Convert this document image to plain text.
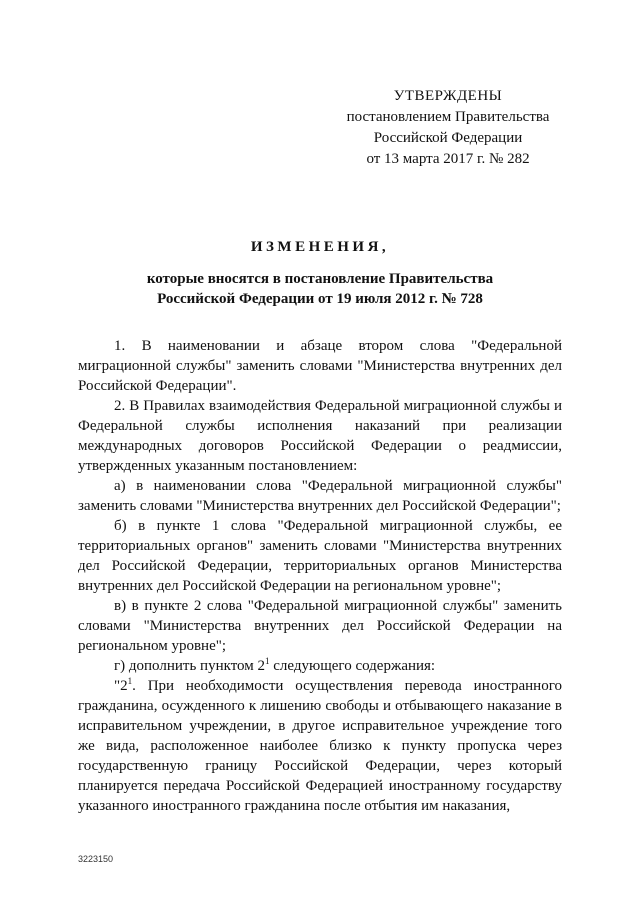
УТВЕРЖДЕНЫ
постановлением Правительства
Российской Федерации
от 13 марта 2017 г. № 282
ИЗМЕНЕНИЯ,
которые вносятся в постановление Правительства
Российской Федерации от 19 июля 2012 г. № 728

1. В наименовании и абзаце втором слова "Федеральной миграционной службы" заменить словами "Министерства внутренних дел Российской Федерации".

2. В Правилах взаимодействия Федеральной миграционной службы и Федеральной службы исполнения наказаний при реализации международных договоров Российской Федерации о реадмиссии, утвержденных указанным постановлением:

а) в наименовании слова "Федеральной миграционной службы" заменить словами "Министерства внутренних дел Российской Федерации";

б) в пункте 1 слова "Федеральной миграционной службы, ее территориальных органов" заменить словами "Министерства внутренних дел Российской Федерации, территориальных органов Министерства внутренних дел Российской Федерации на региональном уровне";

в) в пункте 2 слова "Федеральной миграционной службы" заменить словами "Министерства внутренних дел Российской Федерации на региональном уровне";

г) дополнить пунктом $2^1$ следующего содержания:

"$2^1$. При необходимости осуществления перевода иностранного гражданина, осужденного к лишению свободы и отбывающего наказание в исправительном учреждении, в другое исправительное учреждение того же вида, расположенное наиболее близко к пункту пропуска через государственную границу Российской Федерации, через который планируется передача Российской Федерацией иностранному государству указанного иностранного гражданина после отбытия им наказания,

3223150
